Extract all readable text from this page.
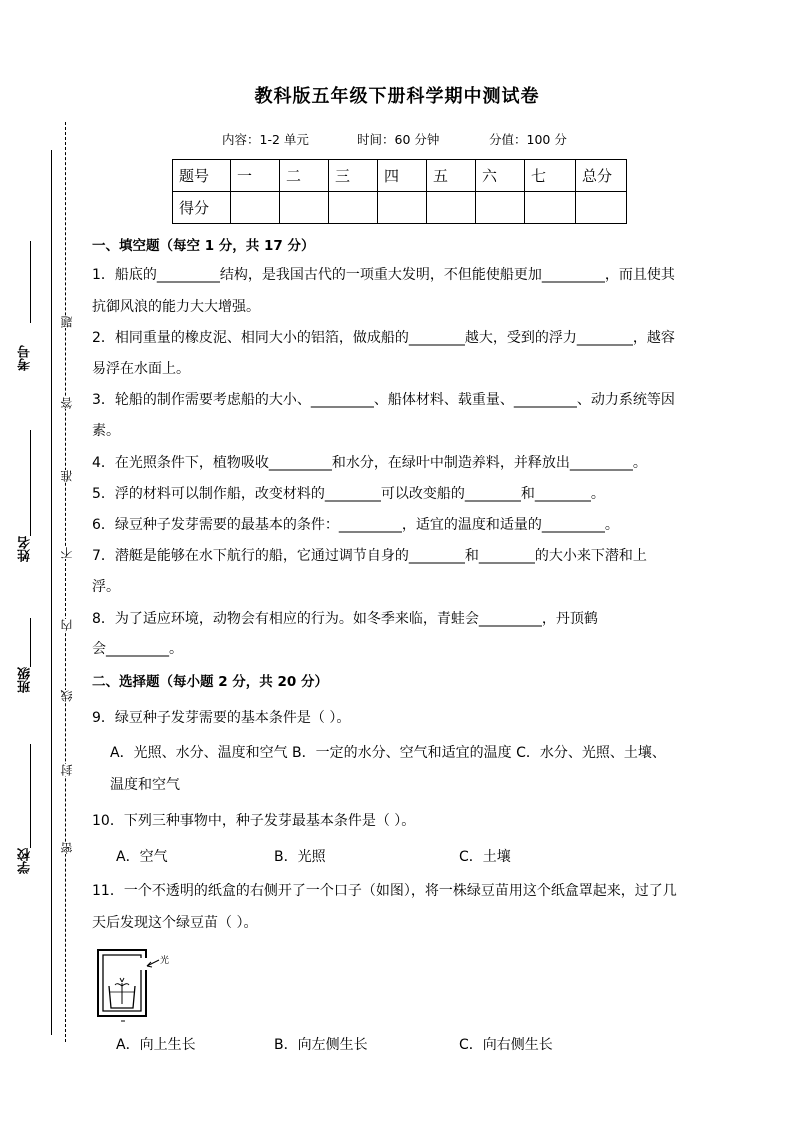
教科版五年级下册科学期中测试卷
内容：1-2 单元	时间：60 分钟	分值：100 分
题号	一	二	三	四	五	六	七	总分
得分								
考号
姓名
班级
学校
题
答
准
不
内
线
封
密
一、填空题（每空 1 分，共 17 分）
1．船底的_________结构，是我国古代的一项重大发明，不但能使船更加_________，而且使其
抗御风浪的能力大大增强。
2．相同重量的橡皮泥、相同大小的铝箔，做成船的________越大，受到的浮力________，越容
易浮在水面上。
3．轮船的制作需要考虑船的大小、_________、船体材料、载重量、_________、动力系统等因
素。
4．在光照条件下，植物吸收_________和水分，在绿叶中制造养料，并释放出_________。
5．浮的材料可以制作船，改变材料的________可以改变船的________和________。
6．绿豆种子发芽需要的最基本的条件：_________，适宜的温度和适量的_________。
7．潜艇是能够在水下航行的船，它通过调节自身的________和________的大小来下潜和上
浮。
8．为了适应环境，动物会有相应的行为。如冬季来临，青蛙会_________，丹顶鹤
会_________。
二、选择题（每小题 2 分，共 20 分）
9．绿豆种子发芽需要的基本条件是（ ）。
A．光照、水分、温度和空气 B．一定的水分、空气和适宜的温度 C．水分、光照、土壤、
温度和空气
10．下列三种事物中，种子发芽最基本条件是（ ）。
A．空气	B．光照	C．土壤
11．一个不透明的纸盒的右侧开了一个口子（如图），将一株绿豆苗用这个纸盒罩起来，过了几
天后发现这个绿豆苗（ ）。
光
A．向上生长	B．向左侧生长	C．向右侧生长
